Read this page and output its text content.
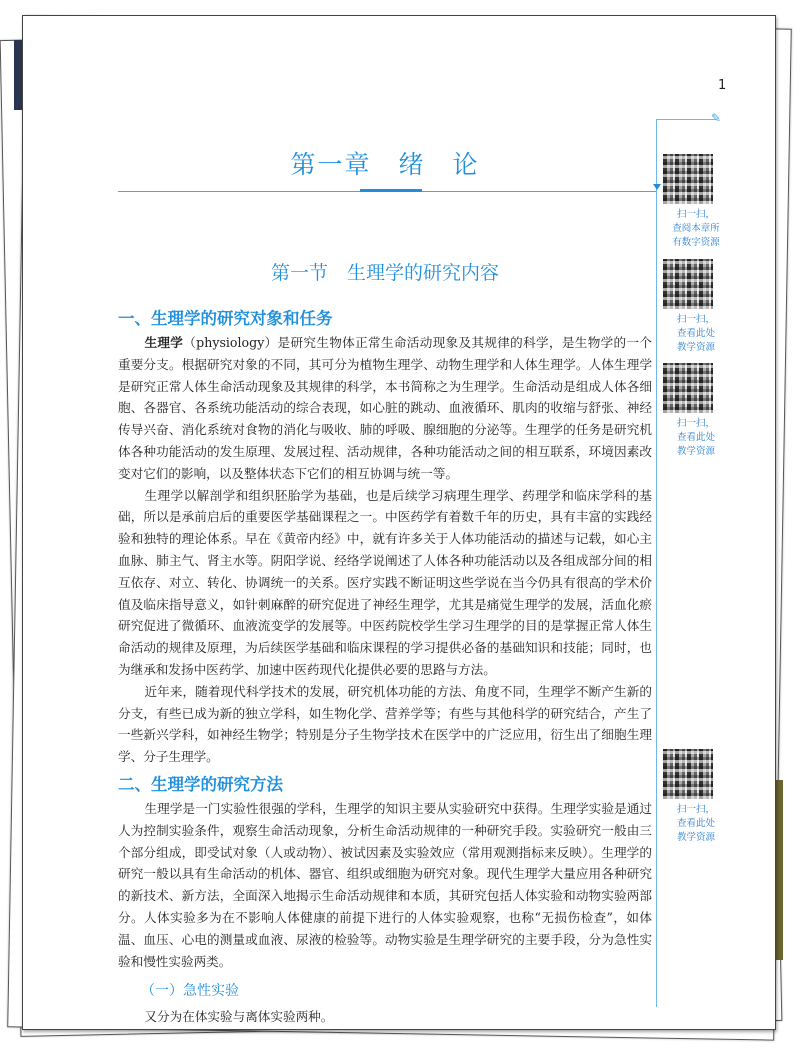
1
✎
第一章　绪　论
第一节　生理学的研究内容
一、生理学的研究对象和任务

生理学（physiology）是研究生物体正常生命活动现象及其规律的科学，是生物学的一个重要分支。根据研究对象的不同，其可分为植物生理学、动物生理学和人体生理学。人体生理学是研究正常人体生命活动现象及其规律的科学，本书简称之为生理学。生命活动是组成人体各细胞、各器官、各系统功能活动的综合表现，如心脏的跳动、血液循环、肌肉的收缩与舒张、神经传导兴奋、消化系统对食物的消化与吸收、肺的呼吸、腺细胞的分泌等。生理学的任务是研究机体各种功能活动的发生原理、发展过程、活动规律，各种功能活动之间的相互联系，环境因素改变对它们的影响，以及整体状态下它们的相互协调与统一等。

生理学以解剖学和组织胚胎学为基础，也是后续学习病理生理学、药理学和临床学科的基础，所以是承前启后的重要医学基础课程之一。中医药学有着数千年的历史，具有丰富的实践经验和独特的理论体系。早在《黄帝内经》中，就有许多关于人体功能活动的描述与记载，如心主血脉、肺主气、肾主水等。阴阳学说、经络学说阐述了人体各种功能活动以及各组成部分间的相互依存、对立、转化、协调统一的关系。医疗实践不断证明这些学说在当今仍具有很高的学术价值及临床指导意义，如针刺麻醉的研究促进了神经生理学，尤其是痛觉生理学的发展，活血化瘀研究促进了微循环、血液流变学的发展等。中医药院校学生学习生理学的目的是掌握正常人体生命活动的规律及原理，为后续医学基础和临床课程的学习提供必备的基础知识和技能；同时，也为继承和发扬中医药学、加速中医药现代化提供必要的思路与方法。

近年来，随着现代科学技术的发展，研究机体功能的方法、角度不同，生理学不断产生新的分支，有些已成为新的独立学科，如生物化学、营养学等；有些与其他科学的研究结合，产生了一些新兴学科，如神经生物学；特别是分子生物学技术在医学中的广泛应用，衍生出了细胞生理学、分子生理学。

二、生理学的研究方法

生理学是一门实验性很强的学科，生理学的知识主要从实验研究中获得。生理学实验是通过人为控制实验条件，观察生命活动现象，分析生命活动规律的一种研究手段。实验研究一般由三个部分组成，即受试对象（人或动物）、被试因素及实验效应（常用观测指标来反映）。生理学的研究一般以具有生命活动的机体、器官、组织或细胞为研究对象。现代生理学大量应用各种研究的新技术、新方法，全面深入地揭示生命活动规律和本质，其研究包括人体实验和动物实验两部分。人体实验多为在不影响人体健康的前提下进行的人体实验观察，也称“无损伤检查”，如体温、血压、心电的测量或血液、尿液的检验等。动物实验是生理学研究的主要手段，分为急性实验和慢性实验两类。

（一）急性实验

又分为在体实验与离体实验两种。

扫一扫，
查阅本章所
有数字资源
扫一扫，
查看此处
教学资源
扫一扫，
查看此处
教学资源
扫一扫，
查看此处
教学资源
